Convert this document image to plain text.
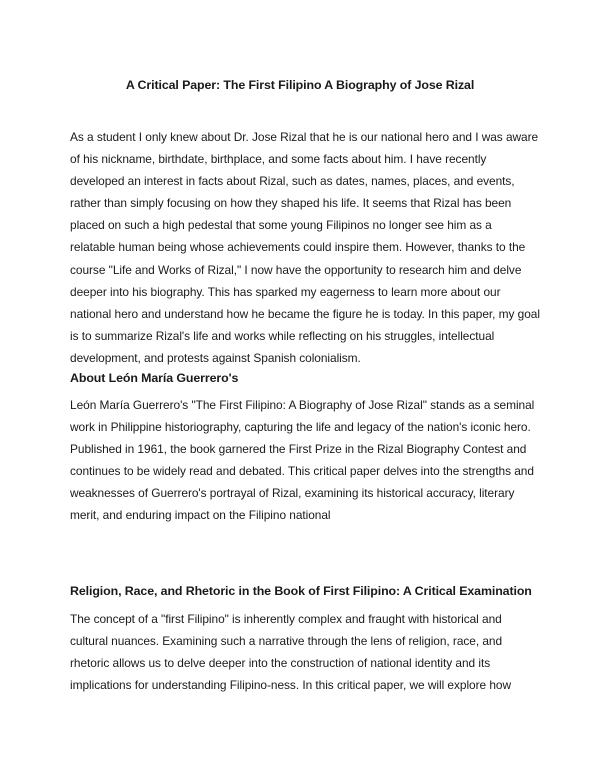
A Critical Paper: The First Filipino A Biography of Jose Rizal

As a student I only knew about Dr. Jose Rizal that he is our national hero and I was aware of his nickname, birthdate, birthplace, and some facts about him. I have recently developed an interest in facts about Rizal, such as dates, names, places, and events, rather than simply focusing on how they shaped his life. It seems that Rizal has been placed on such a high pedestal that some young Filipinos no longer see him as a relatable human being whose achievements could inspire them. However, thanks to the course "Life and Works of Rizal," I now have the opportunity to research him and delve deeper into his biography. This has sparked my eagerness to learn more about our national hero and understand how he became the figure he is today. In this paper, my goal is to summarize Rizal's life and works while reflecting on his struggles, intellectual development, and protests against Spanish colonialism.

About León María Guerrero's

León María Guerrero's "The First Filipino: A Biography of Jose Rizal" stands as a seminal work in Philippine historiography, capturing the life and legacy of the nation's iconic hero. Published in 1961, the book garnered the First Prize in the Rizal Biography Contest and continues to be widely read and debated. This critical paper delves into the strengths and weaknesses of Guerrero's portrayal of Rizal, examining its historical accuracy, literary merit, and enduring impact on the Filipino national

Religion, Race, and Rhetoric in the Book of First Filipino: A Critical Examination

The concept of a "first Filipino" is inherently complex and fraught with historical and cultural nuances. Examining such a narrative through the lens of religion, race, and rhetoric allows us to delve deeper into the construction of national identity and its implications for understanding Filipino-ness. In this critical paper, we will explore how
